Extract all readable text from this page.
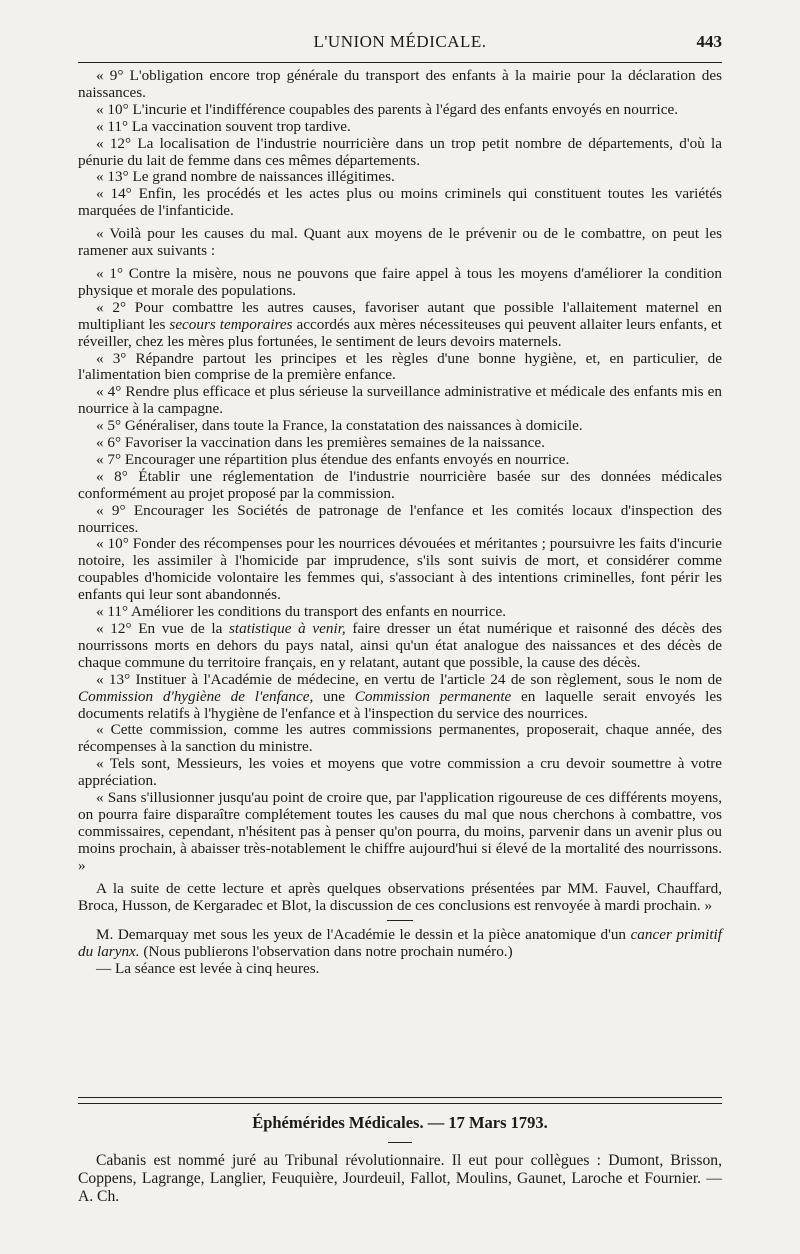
L'UNION MÉDICALE.	443

« 9° L'obligation encore trop générale du transport des enfants à la mairie pour la déclaration des naissances.

« 10° L'incurie et l'indifférence coupables des parents à l'égard des enfants envoyés en nourrice.

« 11° La vaccination souvent trop tardive.

« 12° La localisation de l'industrie nourricière dans un trop petit nombre de départements, d'où la pénurie du lait de femme dans ces mêmes départements.

« 13° Le grand nombre de naissances illégitimes.

« 14° Enfin, les procédés et les actes plus ou moins criminels qui constituent toutes les variétés marquées de l'infanticide.

« Voilà pour les causes du mal. Quant aux moyens de le prévenir ou de le combattre, on peut les ramener aux suivants :

« 1° Contre la misère, nous ne pouvons que faire appel à tous les moyens d'améliorer la condition physique et morale des populations.

« 2° Pour combattre les autres causes, favoriser autant que possible l'allaitement maternel en multipliant les secours temporaires accordés aux mères nécessiteuses qui peuvent allaiter leurs enfants, et réveiller, chez les mères plus fortunées, le sentiment de leurs devoirs maternels.

« 3° Répandre partout les principes et les règles d'une bonne hygiène, et, en particulier, de l'alimentation bien comprise de la première enfance.

« 4° Rendre plus efficace et plus sérieuse la surveillance administrative et médicale des enfants mis en nourrice à la campagne.

« 5° Généraliser, dans toute la France, la constatation des naissances à domicile.

« 6° Favoriser la vaccination dans les premières semaines de la naissance.

« 7° Encourager une répartition plus étendue des enfants envoyés en nourrice.

« 8° Établir une réglementation de l'industrie nourricière basée sur des données médicales conformément au projet proposé par la commission.

« 9° Encourager les Sociétés de patronage de l'enfance et les comités locaux d'inspection des nourrices.

« 10° Fonder des récompenses pour les nourrices dévouées et méritantes ; poursuivre les faits d'incurie notoire, les assimiler à l'homicide par imprudence, s'ils sont suivis de mort, et considérer comme coupables d'homicide volontaire les femmes qui, s'associant à des intentions criminelles, font périr les enfants qui leur sont abandonnés.

« 11° Améliorer les conditions du transport des enfants en nourrice.

« 12° En vue de la statistique à venir, faire dresser un état numérique et raisonné des décès des nourrissons morts en dehors du pays natal, ainsi qu'un état analogue des naissances et des décès de chaque commune du territoire français, en y relatant, autant que possible, la cause des décès.

« 13° Instituer à l'Académie de médecine, en vertu de l'article 24 de son règlement, sous le nom de Commission d'hygiène de l'enfance, une Commission permanente en laquelle serait envoyés les documents relatifs à l'hygiène de l'enfance et à l'inspection du service des nourrices.

« Cette commission, comme les autres commissions permanentes, proposerait, chaque année, des récompenses à la sanction du ministre.

« Tels sont, Messieurs, les voies et moyens que votre commission a cru devoir soumettre à votre appréciation.

« Sans s'illusionner jusqu'au point de croire que, par l'application rigoureuse de ces différents moyens, on pourra faire disparaître complétement toutes les causes du mal que nous cherchons à combattre, vos commissaires, cependant, n'hésitent pas à penser qu'on pourra, du moins, parvenir dans un avenir plus ou moins prochain, à abaisser très-notablement le chiffre aujourd'hui si élevé de la mortalité des nourrissons. »

A la suite de cette lecture et après quelques observations présentées par MM. Fauvel, Chauffard, Broca, Husson, de Kergaradec et Blot, la discussion de ces conclusions est renvoyée à mardi prochain. »

M. Demarquay met sous les yeux de l'Académie le dessin et la pièce anatomique d'un cancer primitif du larynx. (Nous publierons l'observation dans notre prochain numéro.)

— La séance est levée à cinq heures.

Éphémérides Médicales. — 17 Mars 1793.

Cabanis est nommé juré au Tribunal révolutionnaire. Il eut pour collègues : Dumont, Brisson, Coppens, Lagrange, Langlier, Feuquière, Jourdeuil, Fallot, Moulins, Gaunet, Laroche et Fournier. — A. Ch.
